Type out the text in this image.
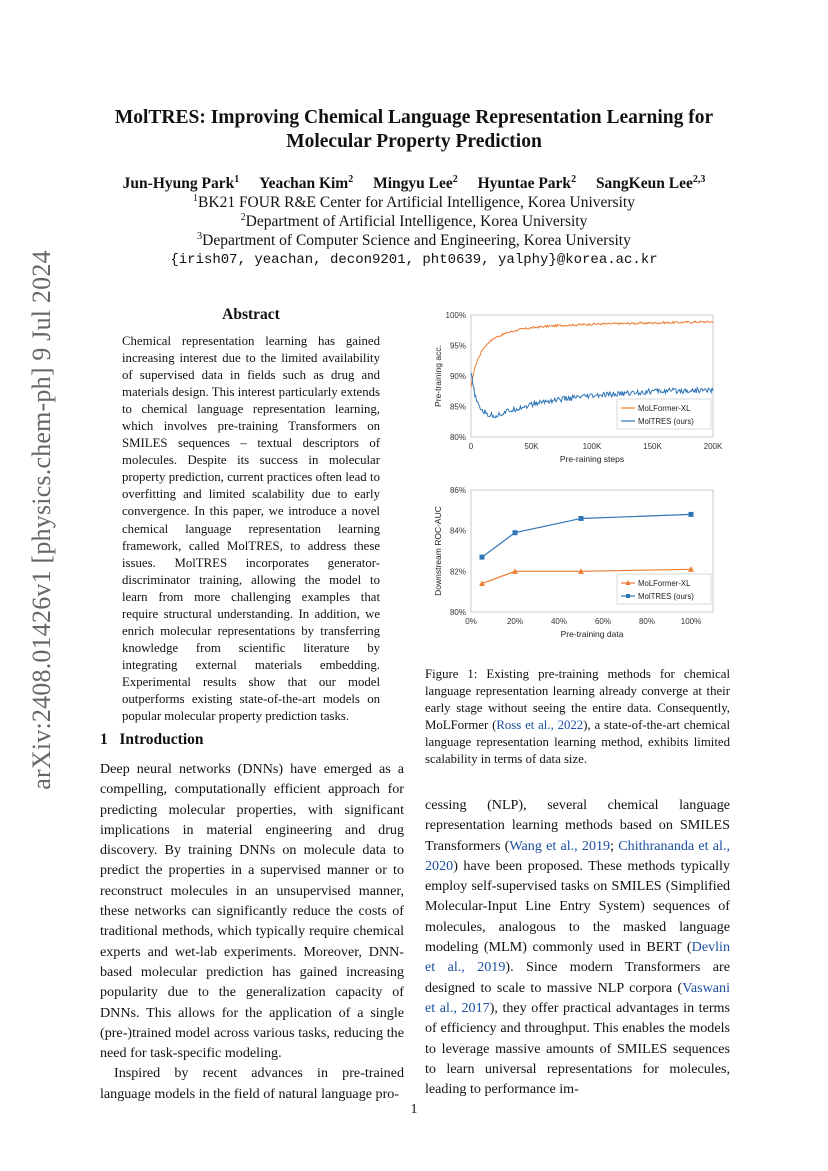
arXiv:2408.01426v1 [physics.chem-ph] 9 Jul 2024
MolTRES: Improving Chemical Language Representation Learning for
Molecular Property Prediction
Jun-Hyung Park$^1$ Yeachan Kim$^2$ Mingyu Lee$^2$ Hyuntae Park$^2$ SangKeun Lee$^{2,3}$
$^1$BK21 FOUR R&E Center for Artificial Intelligence, Korea University
$^2$Department of Artificial Intelligence, Korea University
$^3$Department of Computer Science and Engineering, Korea University
{irish07, yeachan, decon9201, pht0639, yalphy}@korea.ac.kr
Abstract
Chemical representation learning has gained increasing interest due to the limited availability of supervised data in fields such as drug and materials design. This interest particularly extends to chemical language representation learning, which involves pre-training Transformers on SMILES sequences – textual descriptors of molecules. Despite its success in molecular property prediction, current practices often lead to overfitting and limited scalability due to early convergence. In this paper, we introduce a novel chemical language representation learning framework, called MolTRES, to address these issues. MolTRES incorporates generator-discriminator training, allowing the model to learn from more challenging examples that require structural understanding. In addition, we enrich molecular representations by transferring knowledge from scientific literature by integrating external materials embedding. Experimental results show that our model outperforms existing state-of-the-art models on popular molecular property prediction tasks.
1 Introduction

Deep neural networks (DNNs) have emerged as a compelling, computationally efficient approach for predicting molecular properties, with significant implications in material engineering and drug discovery. By training DNNs on molecule data to predict the properties in a supervised manner or to reconstruct molecules in an unsupervised manner, these networks can significantly reduce the costs of traditional methods, which typically require chemical experts and wet-lab experiments. Moreover, DNN-based molecular prediction has gained increasing popularity due to the generalization capacity of DNNs. This allows for the application of a single (pre-)trained model across various tasks, reducing the need for task-specific modeling.

Inspired by recent advances in pre-trained language models in the field of natural language pro-

80%
85%
90%
95%
100%
0	50K	100K	150K	200K
Pre-raining steps
Pre-training acc.
MoLFormer-XL
MolTRES (ours)
80%
82%
84%
86%
0%	20%	40%	60%	80%	100%
Pre-training data
Downstream ROC-AUC	MoLFormer-XL
MolTRES (ours)
Figure 1: Existing pre-training methods for chemical language representation learning already converge at their early stage without seeing the entire data. Consequently, MoLFormer (Ross et al., 2022), a state-of-the-art chemical language representation learning method, exhibits limited scalability in terms of data size.

cessing (NLP), several chemical language representation learning methods based on SMILES Transformers (Wang et al., 2019; Chithrananda et al., 2020) have been proposed. These methods typically employ self-supervised tasks on SMILES (Simplified Molecular-Input Line Entry System) sequences of molecules, analogous to the masked language modeling (MLM) commonly used in BERT (Devlin et al., 2019). Since modern Transformers are designed to scale to massive NLP corpora (Vaswani et al., 2017), they offer practical advantages in terms of efficiency and throughput. This enables the models to leverage massive amounts of SMILES sequences to learn universal representations for molecules, leading to performance im-

1
